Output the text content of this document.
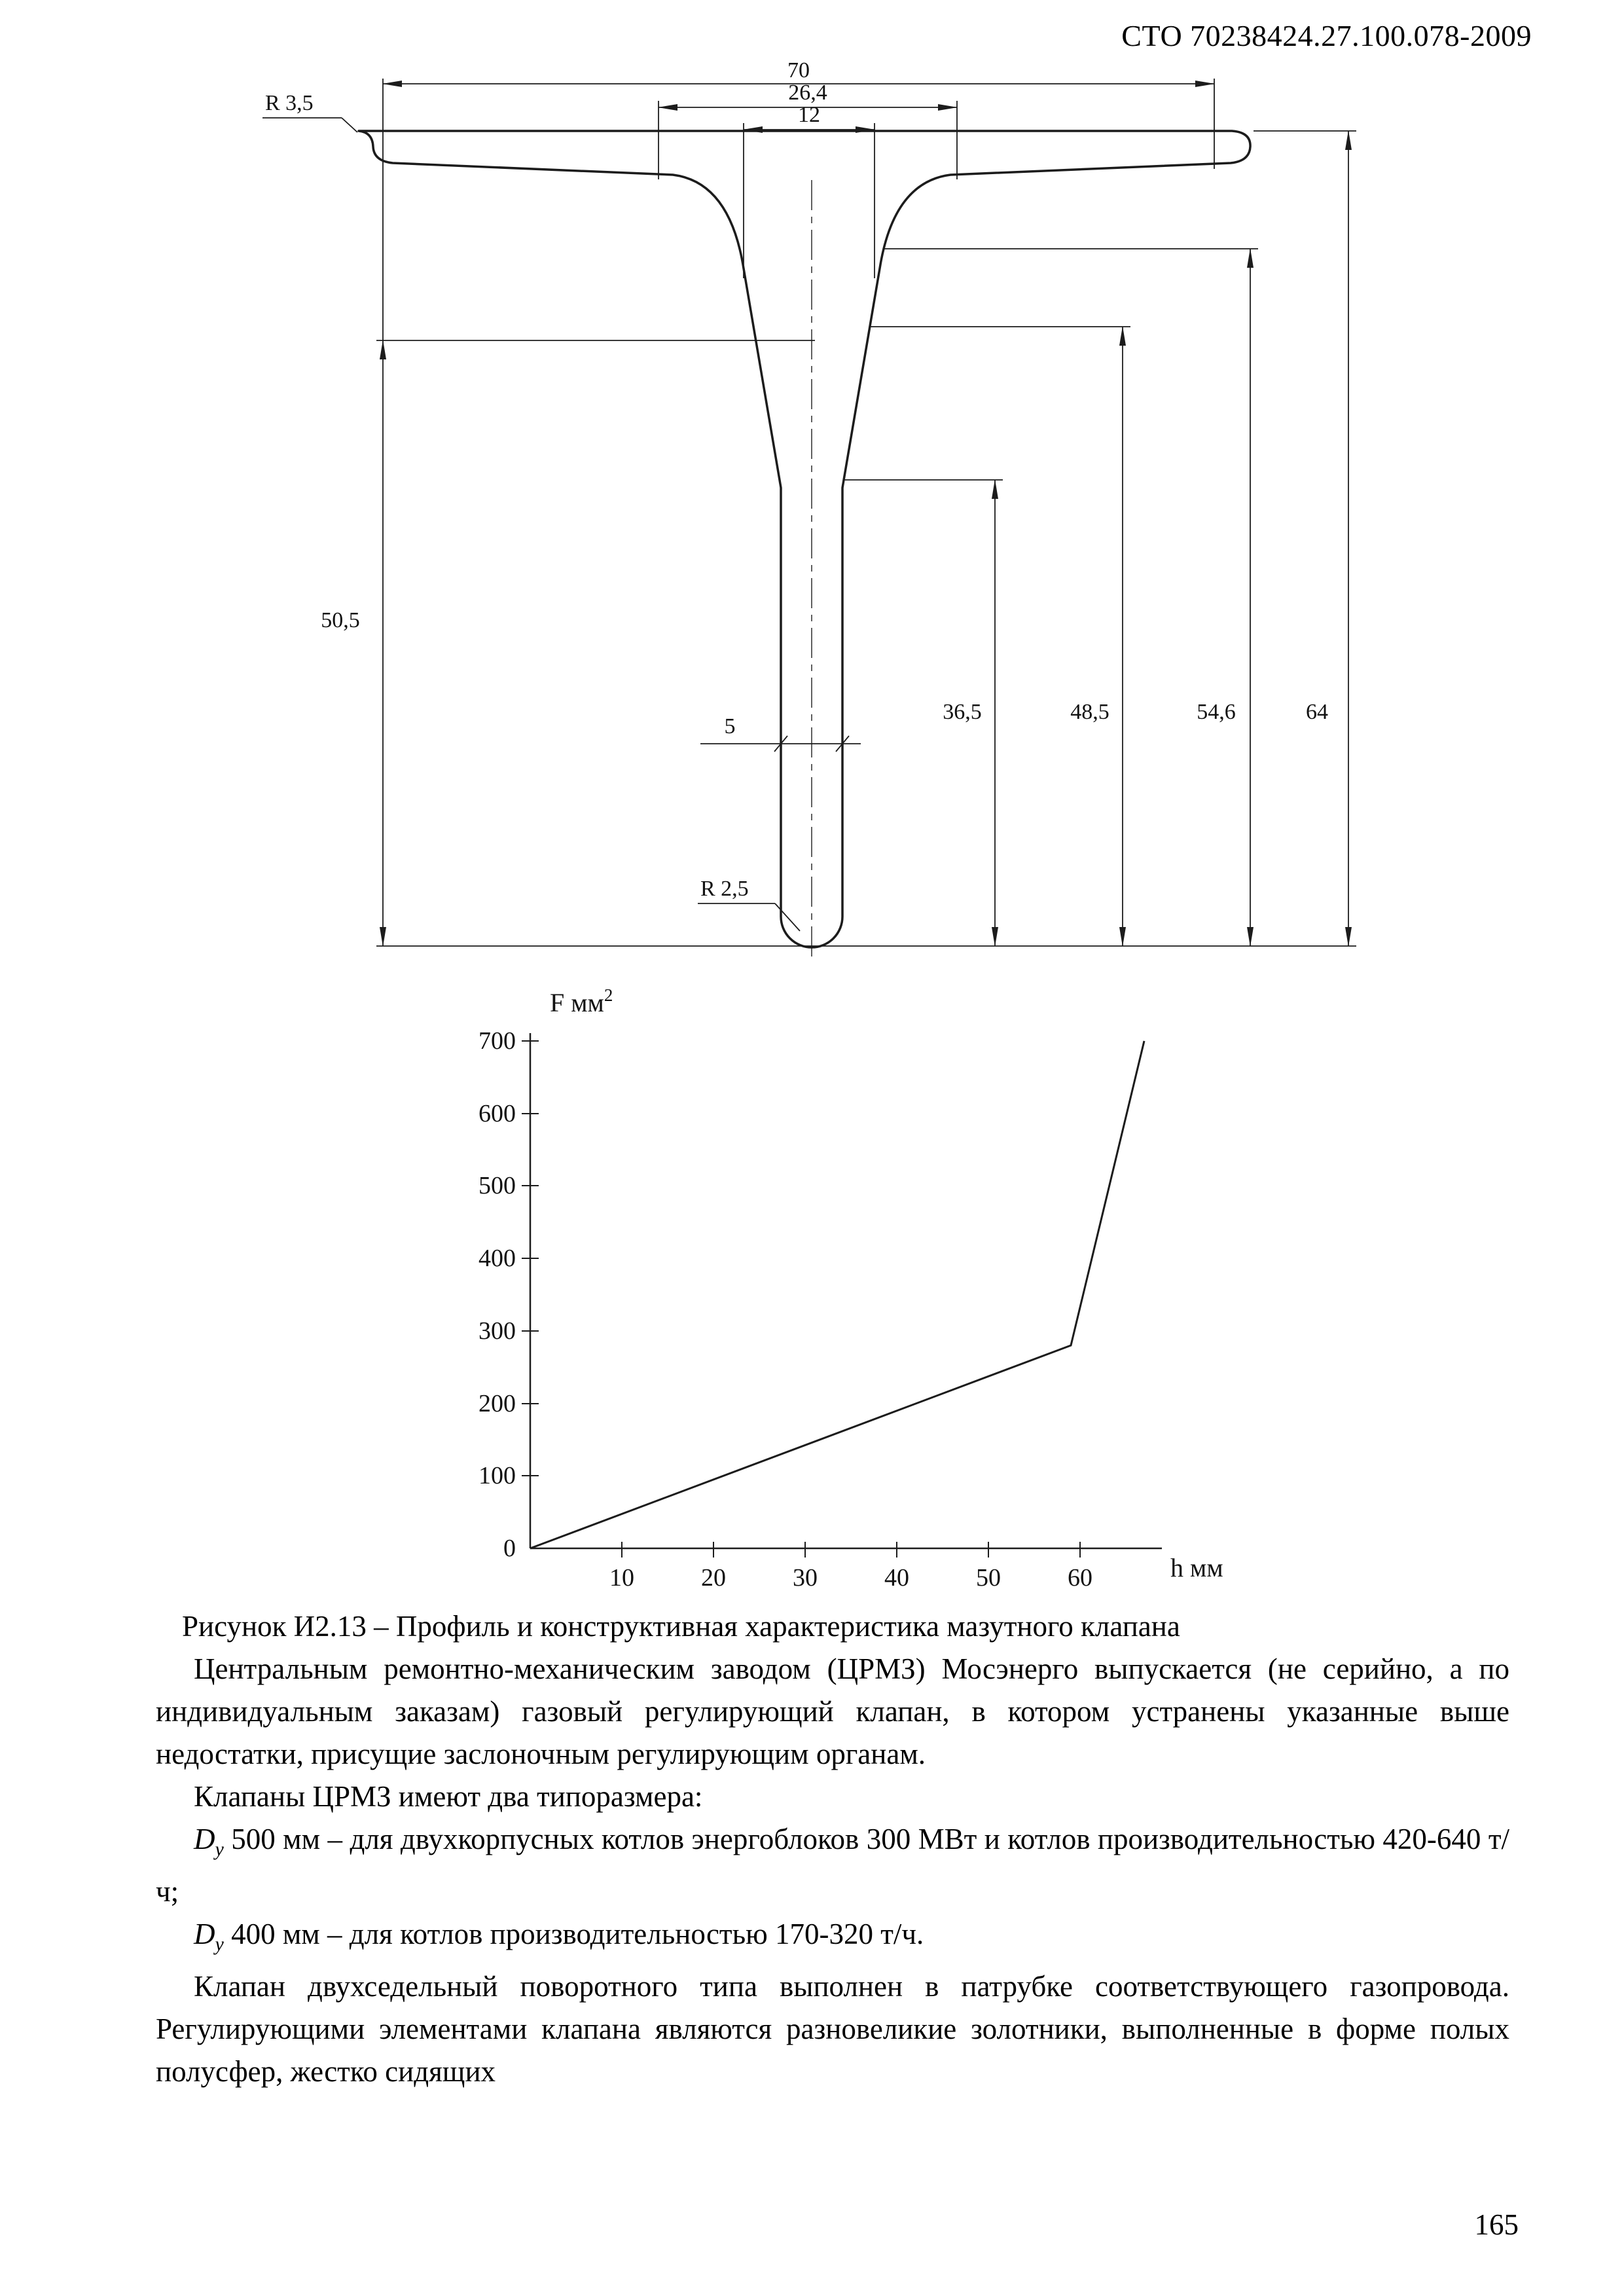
СТО 70238424.27.100.078-2009
70
26,4
12
R 3,5
50,5
5
36,5	48,5	54,6	64
R 2,5
700
600
500
400
300
200
100
0
10	20	30	40	50	60
F $мм^2$
h мм

Рисунок И2.13 – Профиль и конструктивная характеристика мазутного клапана

Центральным ремонтно-механическим заводом (ЦРМЗ) Мосэнерго выпускается (не серийно, а по индивидуальным заказам) газовый регулирующий клапан, в котором устранены указанные выше недостатки, присущие заслоночным регулирующим органам.

Клапаны ЦРМЗ имеют два типоразмера:

$D_у$ 500 мм – для двухкорпусных котлов энергоблоков 300 МВт и котлов производительностью 420-640 т/ч;

$D_у$ 400 мм – для котлов производительностью 170-320 т/ч.

Клапан двухседельный поворотного типа выполнен в патрубке соответствующего газопровода. Регулирующими элементами клапана являются разновеликие золотники, выполненные в форме полых полусфер, жестко сидящих

165
